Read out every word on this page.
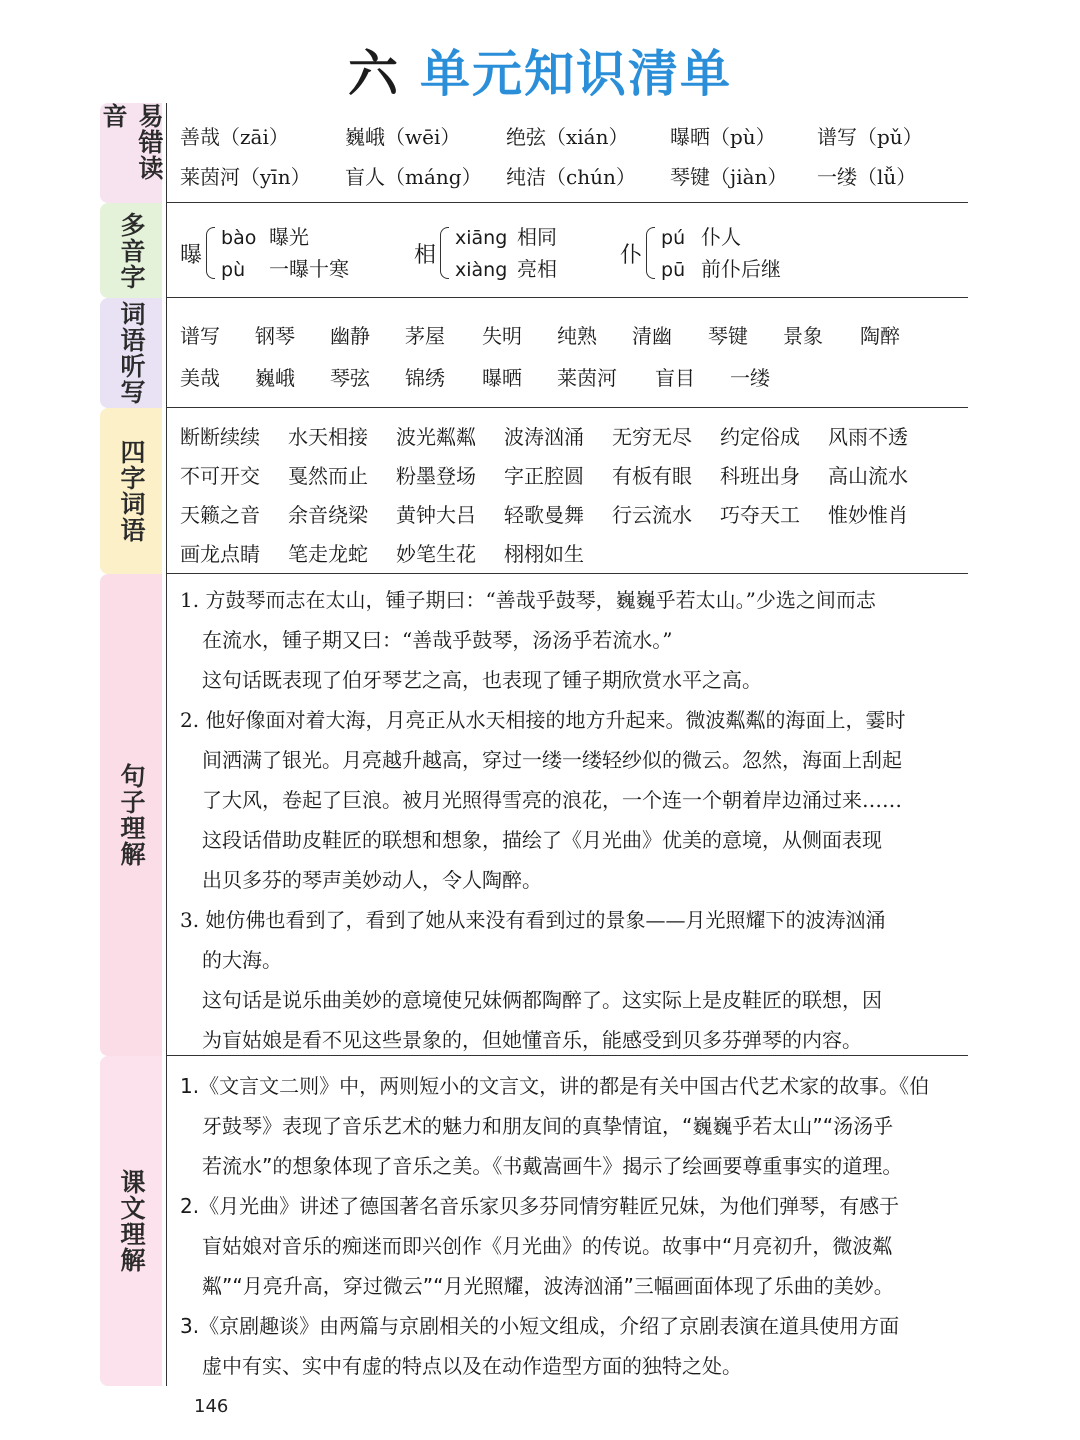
六 单元知识清单
易错读音
善哉（zāi）	巍峨（wēi） 绝弦（xián） 曝晒（pù） 谱写（pǔ）
莱茵河（yīn） 盲人（máng） 纯洁（chún） 琴键（jiàn） 一缕（lǚ）
多音字 曝
bào 曝光
pù 一曝十寒
相
xiāng 相同
xiàng 亮相
仆
pú 仆人
pū 前仆后继
词语听写 谱写 钢琴 幽静 茅屋 失明 纯熟 清幽 琴键 景象 陶醉
美哉 巍峨 琴弦 锦绣 曝晒 莱茵河 盲目 一缕
四字词语
断断续续 水天相接 波光粼粼 波涛汹涌 无穷无尽 约定俗成 风雨不透
不可开交 戛然而止 粉墨登场 字正腔圆 有板有眼 科班出身 高山流水
天籁之音 余音绕梁 黄钟大吕 轻歌曼舞 行云流水 巧夺天工 惟妙惟肖
画龙点睛 笔走龙蛇 妙笔生花 栩栩如生
句子理解

1. 方鼓琴而志在太山，锺子期曰：“善哉乎鼓琴，巍巍乎若太山。”少选之间而志

在流水，锺子期又曰：“善哉乎鼓琴，汤汤乎若流水。”

这句话既表现了伯牙琴艺之高，也表现了锺子期欣赏水平之高。

2. 他好像面对着大海，月亮正从水天相接的地方升起来。微波粼粼的海面上，霎时

间洒满了银光。月亮越升越高，穿过一缕一缕轻纱似的微云。忽然，海面上刮起

了大风，卷起了巨浪。被月光照得雪亮的浪花，一个连一个朝着岸边涌过来……

这段话借助皮鞋匠的联想和想象，描绘了《月光曲》优美的意境，从侧面表现

出贝多芬的琴声美妙动人，令人陶醉。

3. 她仿佛也看到了，看到了她从来没有看到过的景象——月光照耀下的波涛汹涌

的大海。

这句话是说乐曲美妙的意境使兄妹俩都陶醉了。这实际上是皮鞋匠的联想，因

为盲姑娘是看不见这些景象的，但她懂音乐，能感受到贝多芬弹琴的内容。

课文理解

1.《文言文二则》中，两则短小的文言文，讲的都是有关中国古代艺术家的故事。《伯

牙鼓琴》表现了音乐艺术的魅力和朋友间的真挚情谊，“巍巍乎若太山”“汤汤乎

若流水”的想象体现了音乐之美。《书戴嵩画牛》揭示了绘画要尊重事实的道理。

2.《月光曲》讲述了德国著名音乐家贝多芬同情穷鞋匠兄妹，为他们弹琴，有感于

盲姑娘对音乐的痴迷而即兴创作《月光曲》的传说。故事中“月亮初升，微波粼

粼”“月亮升高，穿过微云”“月光照耀，波涛汹涌”三幅画面体现了乐曲的美妙。

3.《京剧趣谈》由两篇与京剧相关的小短文组成，介绍了京剧表演在道具使用方面

虚中有实、实中有虚的特点以及在动作造型方面的独特之处。

146
